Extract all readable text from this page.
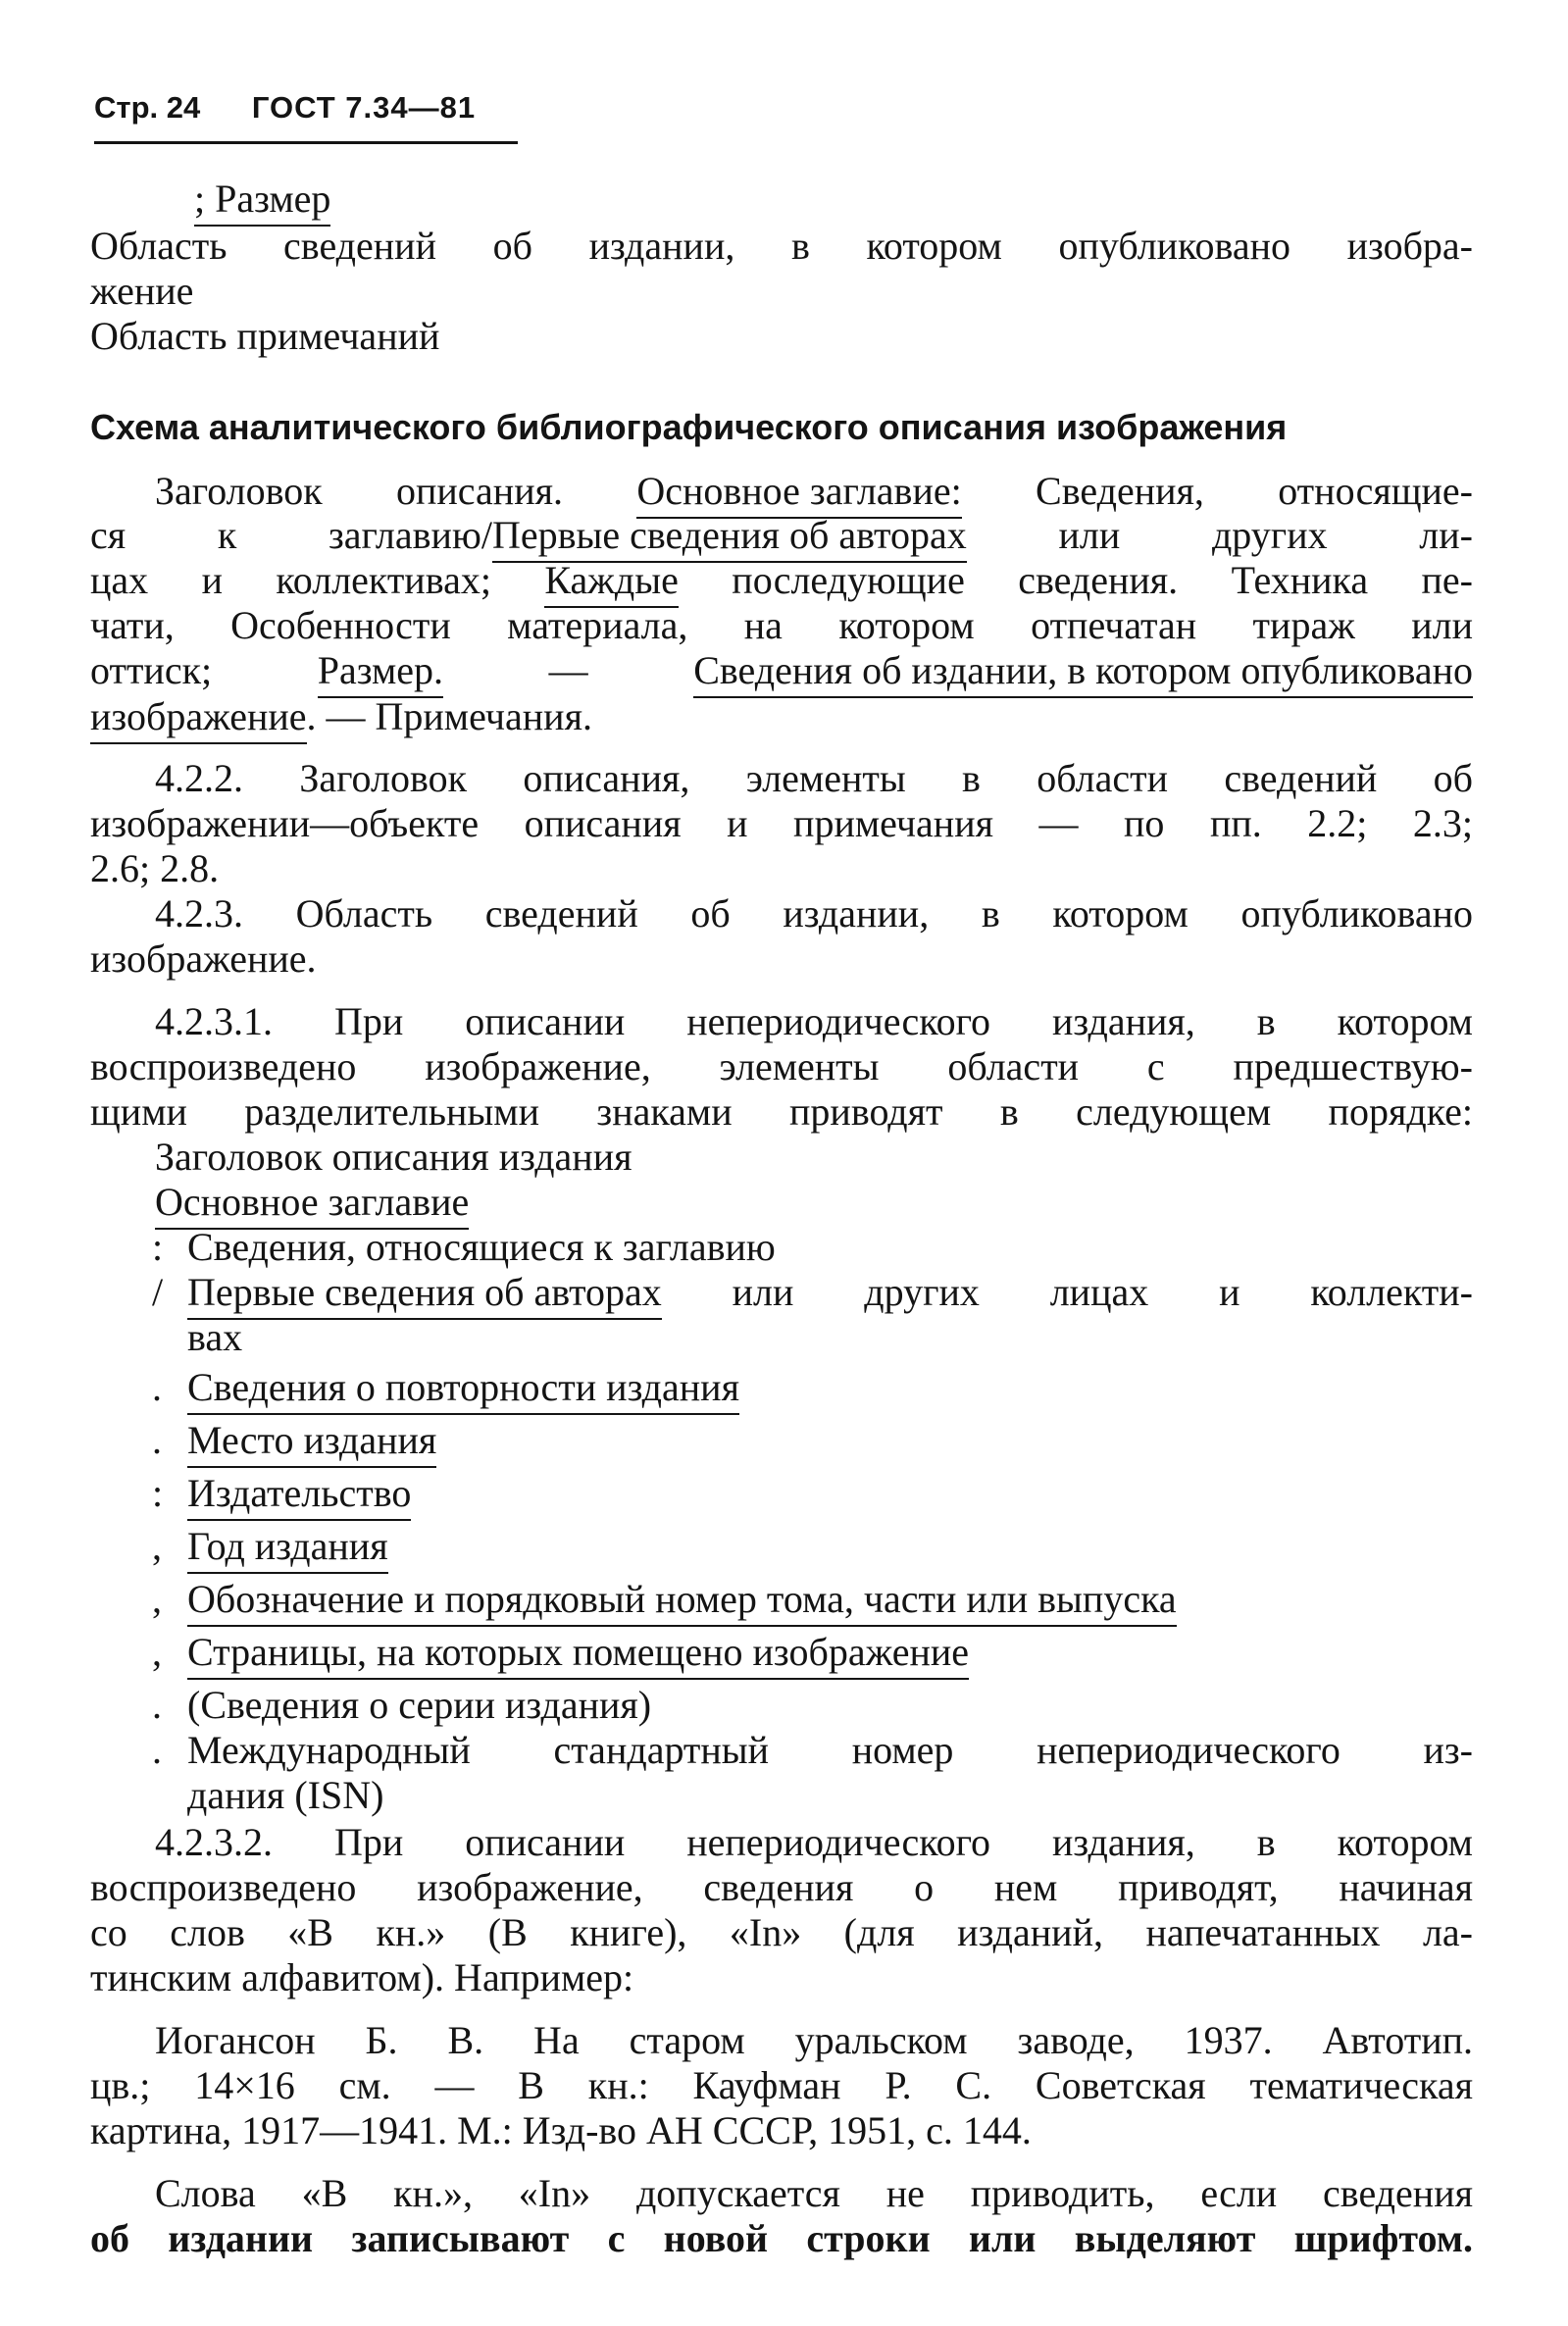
Стр. 24 ГОСТ 7.34—81
; Размер
Область сведений об издании, в котором опубликовано изобра-
жение
Область примечаний
Схема аналитического библиографического описания изображения
Заголовок описания. Основное заглавие: Сведения, относящие-
ся к заглавию/Первые сведения об авторах или других ли-
цах и коллективах; Каждые последующие сведения. Техника пе-
чати, Особенности материала, на котором отпечатан тираж или
оттиск; Размер. — Сведения об издании, в котором опубликовано
изображение. — Примечания.
4.2.2. Заголовок описания, элементы в области сведений об
изображении—объекте описания и примечания — по пп. 2.2; 2.3;
2.6; 2.8.
4.2.3. Область сведений об издании, в котором опубликовано
изображение.
4.2.3.1. При описании непериодического издания, в котором
воспроизведено изображение, элементы области с предшествую-
щими разделительными знаками приводят в следующем порядке:
Заголовок описания издания
Основное заглавие
: Сведения, относящиеся к заглавию
/ Первые сведения об авторах или других лицах и коллекти-
вах
. Сведения о повторности издания
. Место издания
: Издательство
, Год издания
, Обозначение и порядковый номер тома, части или выпуска
, Страницы, на которых помещено изображение
. (Сведения о серии издания)
. Международный стандартный номер непериодического из-
дания (ISN)
4.2.3.2. При описании непериодического издания, в котором
воспроизведено изображение, сведения о нем приводят, начиная
со слов «В кн.» (В книге), «In» (для изданий, напечатанных ла-
тинским алфавитом). Например:
Иогансон Б. В. На старом уральском заводе, 1937. Автотип.
цв.; 14×16 см. — В кн.: Кауфман Р. С. Советская тематическая
картина, 1917—1941. М.: Изд-во АН СССР, 1951, с. 144.
Слова «В кн.», «In» допускается не приводить, если сведения
об издании записывают с новой строки или выделяют шрифтом.
